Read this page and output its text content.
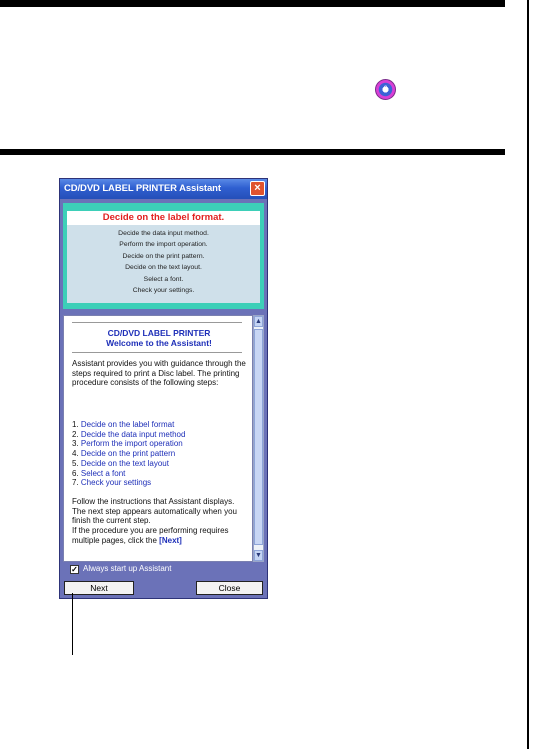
♀
CD/DVD LABEL PRINTER Assistant	×
Decide on the label format.
Decide the data input method.
Perform the import operation.
Decide on the print pattern.
Decide on the text layout.
Select a font.
Check your settings.
CD/DVD LABEL PRINTER
Welcome to the Assistant!
Assistant provides you with guidance through the steps required to print a Disc label. The printing procedure consists of the following steps:
1. Decide on the label format
2. Decide the data input method
3. Perform the import operation
4. Decide on the print pattern
5. Decide on the text layout
6. Select a font
7. Check your settings
Follow the instructions that Assistant displays.
The next step appears automatically when you finish the current step.
If the procedure you are performing requires multiple pages, click the [Next]
▲
▼
✓ Always start up Assistant
Next	Close
